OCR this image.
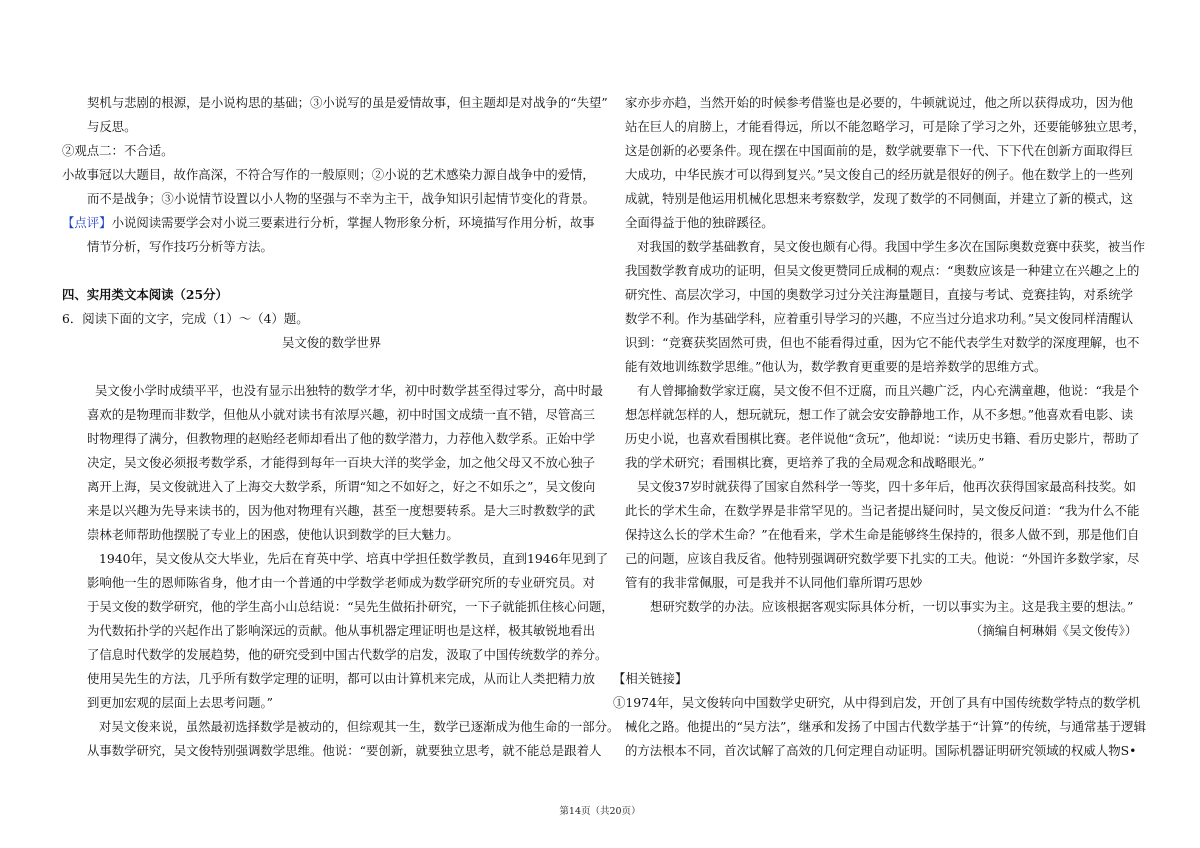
契机与悲剧的根源，是小说构思的基础；③小说写的虽是爱情故事，但主题却是对战争的“失望”
与反思。
②观点二：不合适。
小故事冠以大题目，故作高深，不符合写作的一般原则；②小说的艺术感染力源自战争中的爱情，
而不是战争；③小说情节设置以小人物的坚强与不幸为主干，战争知识引起情节变化的背景。
【点评】小说阅读需要学会对小说三要素进行分析，掌握人物形象分析，环境描写作用分析，故事
情节分析，写作技巧分析等方法。
四、实用类文本阅读（25分）
6．阅读下面的文字，完成（1）～（4）题。
吴文俊的数学世界
吴文俊小学时成绩平平，也没有显示出独特的数学才华，初中时数学甚至得过零分，高中时最
喜欢的是物理而非数学，但他从小就对读书有浓厚兴趣，初中时国文成绩一直不错，尽管高三
时物理得了满分，但教物理的赵贻经老师却看出了他的数学潜力，力荐他入数学系。正始中学
决定，吴文俊必须报考数学系，才能得到每年一百块大洋的奖学金，加之他父母又不放心独子
离开上海，吴文俊就进入了上海交大数学系，所谓“知之不如好之，好之不如乐之”，吴文俊向
来是以兴趣为先导来读书的，因为他对物理有兴趣，甚至一度想要转系。是大三时教数学的武
崇林老师帮助他摆脱了专业上的困惑，使他认识到数学的巨大魅力。
1940年，吴文俊从交大毕业，先后在育英中学、培真中学担任数学教员，直到1946年见到了
影响他一生的恩师陈省身，他才由一个普通的中学数学老师成为数学研究所的专业研究员。对
于吴文俊的数学研究，他的学生高小山总结说：“吴先生做拓扑研究，一下子就能抓住核心问题，
为代数拓扑学的兴起作出了影响深远的贡献。他从事机器定理证明也是这样，极其敏锐地看出
了信息时代数学的发展趋势，他的研究受到中国古代数学的启发，汲取了中国传统数学的养分。
使用吴先生的方法，几乎所有数学定理的证明，都可以由计算机来完成，从而让人类把精力放
到更加宏观的层面上去思考问题。”
对吴文俊来说，虽然最初选择数学是被动的，但综观其一生，数学已逐渐成为他生命的一部分。
从事数学研究，吴文俊特别强调数学思维。他说：“要创新，就要独立思考，就不能总是跟着人
家亦步亦趋，当然开始的时候参考借鉴也是必要的，牛顿就说过，他之所以获得成功，因为他
站在巨人的肩膀上，才能看得远，所以不能忽略学习，可是除了学习之外，还要能够独立思考，
这是创新的必要条件。现在摆在中国面前的是，数学就要靠下一代、下下代在创新方面取得巨
大成功，中华民族才可以得到复兴。”吴文俊自己的经历就是很好的例子。他在数学上的一些列
成就，特别是他运用机械化思想来考察数学，发现了数学的不同侧面，并建立了新的模式，这
全面得益于他的独辟蹊径。
对我国的数学基础教育，吴文俊也颇有心得。我国中学生多次在国际奥数竞赛中获奖，被当作
我国数学教育成功的证明，但吴文俊更赞同丘成桐的观点：“奥数应该是一种建立在兴趣之上的
研究性、高层次学习，中国的奥数学习过分关注海量题目，直接与考试、竞赛挂钩，对系统学
数学不利。作为基础学科，应着重引导学习的兴趣，不应当过分追求功利。”吴文俊同样清醒认
识到：“竞赛获奖固然可贵，但也不能看得过重，因为它不能代表学生对数学的深度理解，也不
能有效地训练数学思维。”他认为，数学教育更重要的是培养数学的思维方式。
有人曾揶揄数学家迂腐，吴文俊不但不迂腐，而且兴趣广泛，内心充满童趣，他说：“我是个
想怎样就怎样的人，想玩就玩，想工作了就会安安静静地工作，从不多想。”他喜欢看电影、读
历史小说，也喜欢看围棋比赛。老伴说他“贪玩”，他却说：“读历史书籍、看历史影片，帮助了
我的学术研究；看围棋比赛，更培养了我的全局观念和战略眼光。”
吴文俊37岁时就获得了国家自然科学一等奖，四十多年后，他再次获得国家最高科技奖。如
此长的学术生命，在数学界是非常罕见的。当记者提出疑问时，吴文俊反问道：“我为什么不能
保持这么长的学术生命？”在他看来，学术生命是能够终生保持的，很多人做不到，那是他们自
己的问题，应该自我反省。他特别强调研究数学要下扎实的工夫。他说：“外国许多数学家，尽
管有的我非常佩服，可是我并不认同他们靠所谓巧思妙
想研究数学的办法。应该根据客观实际具体分析，一切以事实为主。这是我主要的想法。”
（摘编自柯琳娟《吴文俊传》）
【相关链接】
①1974年，吴文俊转向中国数学史研究，从中得到启发，开创了具有中国传统数学特点的数学机
械化之路。他提出的“吴方法”，继承和发扬了中国古代数学基于“计算”的传统，与通常基于逻辑
的方法根本不同，首次试解了高效的几何定理自动证明。国际机器证明研究领域的权威人物S•
第14页（共20页）
